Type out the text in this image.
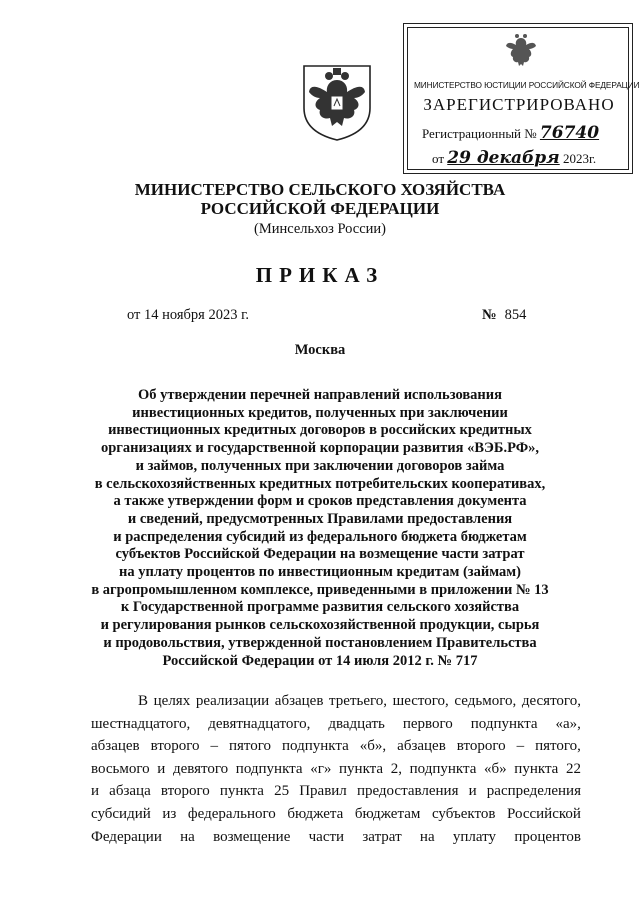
МИНИСТЕРСТВО ЮСТИЦИИ РОССИЙСКОЙ ФЕДЕРАЦИИ
ЗАРЕГИСТРИРОВАНО
Регистрационный № 76740
от 29 декабря 2023г.
МИНИСТЕРСТВО СЕЛЬСКОГО ХОЗЯЙСТВА
РОССИЙСКОЙ ФЕДЕРАЦИИ
(Минсельхоз России)
ПРИКАЗ
от 14 ноября 2023 г.	№ 854
Москва
Об утверждении перечней направлений использования
инвестиционных кредитов, полученных при заключении
инвестиционных кредитных договоров в российских кредитных
организациях и государственной корпорации развития «ВЭБ.РФ»,
и займов, полученных при заключении договоров займа
в сельскохозяйственных кредитных потребительских кооперативах,
а также утверждении форм и сроков представления документа
и сведений, предусмотренных Правилами предоставления
и распределения субсидий из федерального бюджета бюджетам
субъектов Российской Федерации на возмещение части затрат
на уплату процентов по инвестиционным кредитам (займам)
в агропромышленном комплексе, приведенными в приложении № 13
к Государственной программе развития сельского хозяйства
и регулирования рынков сельскохозяйственной продукции, сырья
и продовольствия, утвержденной постановлением Правительства
Российской Федерации от 14 июля 2012 г. № 717
В целях реализации абзацев третьего, шестого, седьмого, десятого,
шестнадцатого, девятнадцатого, двадцать первого подпункта «а»,
абзацев второго – пятого подпункта «б», абзацев второго – пятого,
восьмого и девятого подпункта «г» пункта 2, подпункта «б» пункта 22
и абзаца второго пункта 25 Правил предоставления и распределения
субсидий из федерального бюджета бюджетам субъектов Российской
Федерации на возмещение части затрат на уплату процентов
